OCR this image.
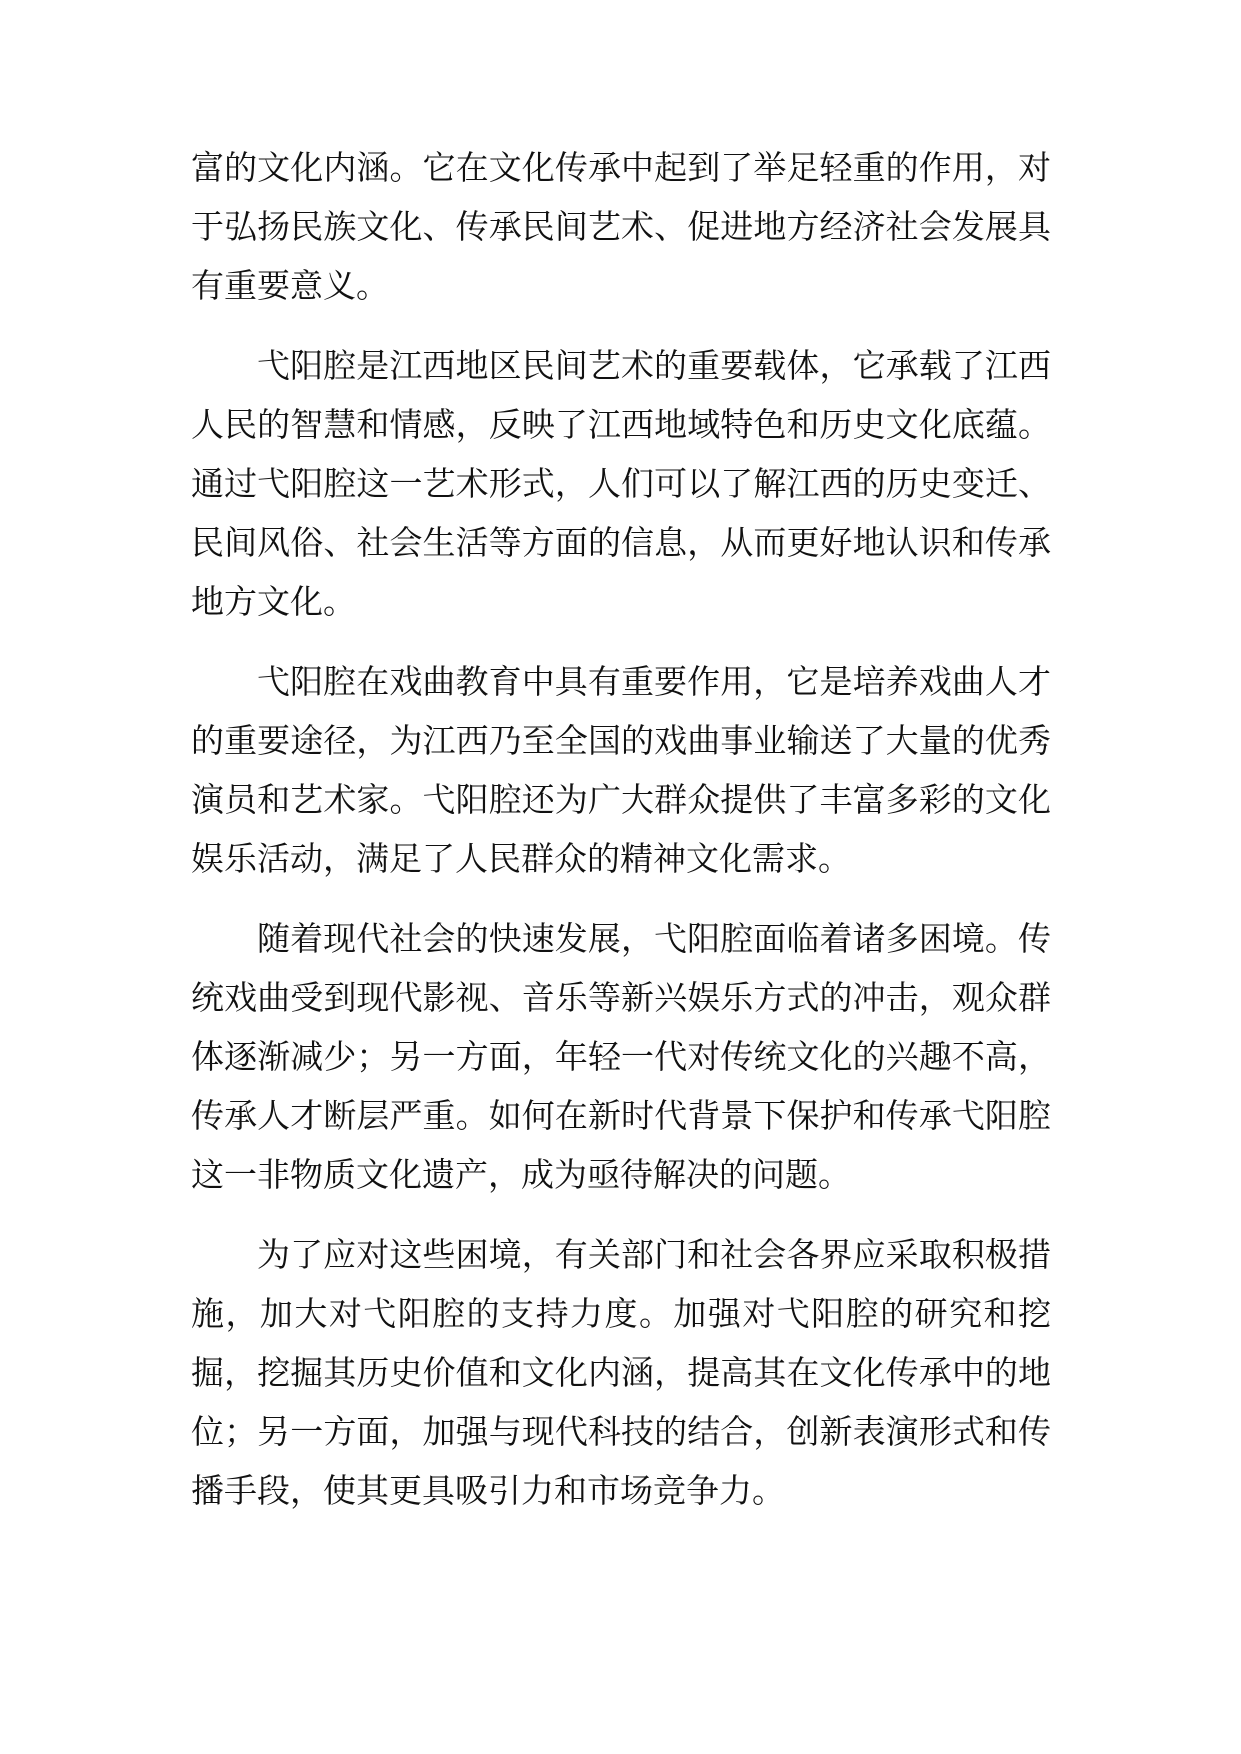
富的文化内涵。它在文化传承中起到了举足轻重的作用，对于弘扬民族文化、传承民间艺术、促进地方经济社会发展具有重要意义。

弋阳腔是江西地区民间艺术的重要载体，它承载了江西人民的智慧和情感，反映了江西地域特色和历史文化底蕴。通过弋阳腔这一艺术形式，人们可以了解江西的历史变迁、民间风俗、社会生活等方面的信息，从而更好地认识和传承地方文化。

弋阳腔在戏曲教育中具有重要作用，它是培养戏曲人才的重要途径，为江西乃至全国的戏曲事业输送了大量的优秀演员和艺术家。弋阳腔还为广大群众提供了丰富多彩的文化娱乐活动，满足了人民群众的精神文化需求。

随着现代社会的快速发展，弋阳腔面临着诸多困境。传统戏曲受到现代影视、音乐等新兴娱乐方式的冲击，观众群体逐渐减少；另一方面，年轻一代对传统文化的兴趣不高，传承人才断层严重。如何在新时代背景下保护和传承弋阳腔这一非物质文化遗产，成为亟待解决的问题。

为了应对这些困境，有关部门和社会各界应采取积极措施，加大对弋阳腔的支持力度。加强对弋阳腔的研究和挖掘，挖掘其历史价值和文化内涵，提高其在文化传承中的地位；另一方面，加强与现代科技的结合，创新表演形式和传播手段，使其更具吸引力和市场竞争力。
